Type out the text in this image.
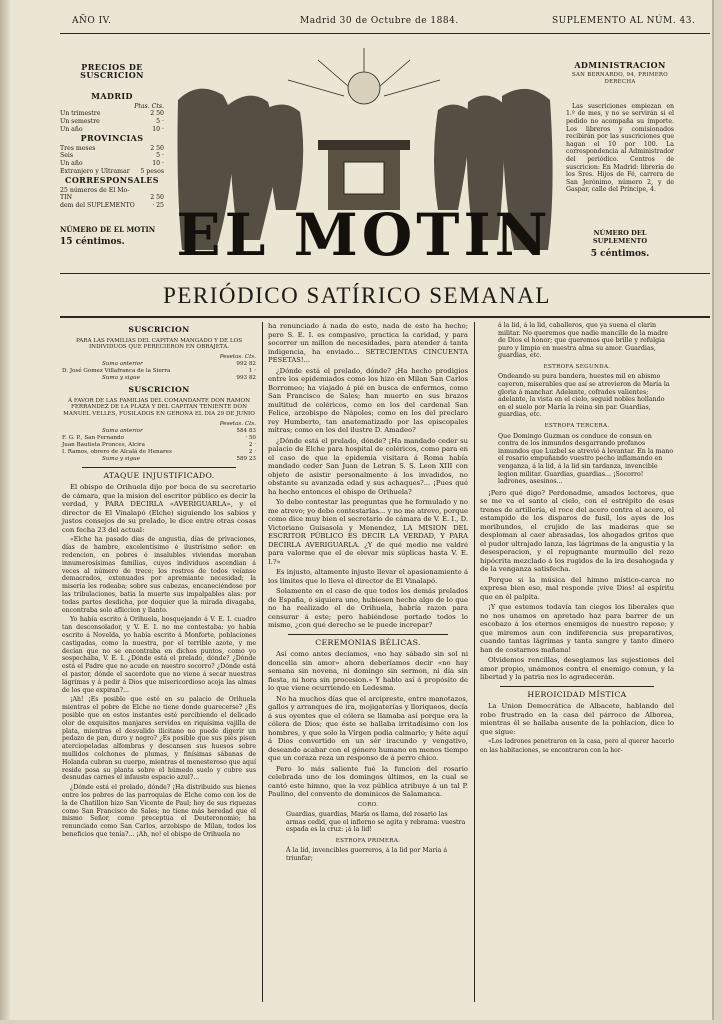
AÑO IV.	Madrid 30 de Octubre de 1884.	SUPLEMENTO AL NÚM. 43.
PRECIOS DE SUSCRICION
MADRID
Ptas. Cts.
Un trimestre	2 50
Un semestre	5 ·
Un año	10 ·
PROVINCIAS
Tres meses	2 50
Seis	5 ·
Un año	10 ·
Extranjero y Ultramar 5 pesos
CORRESPONSALES
25 números de El Mo-
TIN	2 50
dem del SUPLEMENTO	· 25
NÚMERO DE EL MOTIN
15 céntimos. EL MOTIN
ADMINISTRACION
SAN BERNARDO, 94, PRIMERO DERECHA
Las suscriciones empiezan en 1.º de mes, y no se servirán si el pedido no acompaña su importe. Los libreros y comisionados recibirán por las suscriciones que hagan el 10 por 100. La correspondencia al Administrador del periódico. Centros de suscricion: En Madrid: librería de los Sres. Hijos de Fé, carrera de San Jerónimo, número 2, y de Gaspar, calle del Príncipe, 4.
NÚMERO DEL SUPLEMENTO
5 céntimos.
PERIÓDICO SATÍRICO SEMANAL
SUSCRICION
PARA LAS FAMILIAS DEL CAPITAN MANGADO Y DE LOS INDIVIDUOS QUE PERECIERON EN OBRAJETA.
Pesetas. Cts.
Suma anterior	992 82
D. José Gomez Villafranca de la Sierra	1 ·
Suma y sigue	993 82
SUSCRICION
Á FAVOR DE LAS FAMILIAS DEL COMANDANTE DON RAMON FERRANDEZ DE LA PLAZA Y DEL CAPITAN TENIENTE DON MANUEL VELLES, FUSILADOS EN GERONA EL DIA 29 DE JUNIO
Pesetas. Cts.
Suma anterior	584 83
F. G. P., San Fernando	· 50
Juan Bautista Pronces, Alcira	2 ·
I. Ramos, obrero de Alcalá de Henares	2 ·
Suma y sigue	589 23
ATAQUE INJUSTIFICADO.

El obispo de Orihuela dijo por boca de su secretario de cámara, que la mision del escritor público es decir la verdad, y PARA DECIRLA «AVERIGUARLA», y el director de El Vinalapó (Elche) siguiendo los sabios y justos consejos de su prelado, le dice entre otras cosas con fecha 23 del actual:

«Elche ha pasado días de angustia, días de privaciones, días de hambre, excelentísimo é ilustrísimo señor: en redencion, en pobres é insalubles viviendas moraban innumerosísimas familias, cuyos individuos ascendian á veces al número de trece; los rostros de todos veíanse demacrados, extenuados por apremiante necesidad; la miseria les rodeaba; sobre sus cabezas, encaneciéndose por las tribulaciones, batia la muerte sus impalpables alas: por todas partes desdicha, por doquier que la mirada divagaba, encontraba solo afliccion y llanto.

Yo había escrito á Orihuela, bosquejando á V. E. I. cuadro tan desconsolador, y V. E. I. no me contestaba: yo había escrito á Novelda, yo había escrito á Monforte, poblaciones castigadas, como la nuestra, por el terrible azote, y me decían que no se encontraba en dichos puntos, como yo sospechaba, V. E. I. ¿Dónde está el prelado, dónde? ¿Dónde está el Padre que no acude en nuestro socorro? ¿Dónde está el pastor, dónde el sacerdote que no viene á secar nuestras lágrimas y á pedir á Dios que misericordioso acoja las almas de los que expiran?...

¡Ah! ¡Es posible que esté en su palacio de Orihuela mientras el pobre de Elche no tiene donde guarecerse? ¿Es posible que en estos instantes esté percibiendo el delicado olor de exquisitos manjares servidos en riquísima vajilla de plata, mientras el desvalido ilicitano no puede digerir un pedazo de pan, duro y negro? ¿Es posible que sus piés pisen aterciopeladas alfombras y descansen sus huesos sobre mullidos colchones de plumas, y finísimas sábanas de Holanda cubran su cuerpo, mientras el menesteroso que aquí reside posa su planta sobre el húmedo suelo y cubre sus desnudas carnes el infausto espacio azul?...

¿Dónde está el prelado, dónde? ¡Ha distribuido sus bienes entre los pobres de las parroquias de Elche como con los de la de Chatillon hizo San Vicente de Paul; hoy de sus riquezas como San Francisco de Sales; no tiene más heredad que el mismo Señor, como preceptúa el Deuteronomio; ha renunciado como San Carlos, arzobispo de Milan, todos los beneficios que tenía?... ¡Ah, no! el obispo de Orihuela no

ha renunciado á nada de esto, nada de esto ha hecho; pero S. E. I. es compasivo, practica la caridad, y para socorrer un millon de necesidades, para atender á tanta indigencia, ha enviado... SETECIENTAS CINCUENTA PESETAS!...

¿Dónde está el prelado, dónde? ¡Ha hecho prodigios entre los epidemiados como los hizo en Milan San Carlos Borromeo; ha viajado á pié en busca de enfermos, como San Francisco de Sales; han muerto en sus brazos multitud de coléricos, como en los del cardenal San Felice, arzobispo de Nápoles; como en los del preclaro rey Humberto, tan anatematizado por las episcopales mitras; como en los del ilustre D. Amadeo?

¿Dónde está el prelado, dónde? ¡Ha mandado ceder su palacio de Elche para hospital de coléricos, como para en el caso de que la epidemia visitara á Roma había mandado ceder San Juan de Letran S. S. Leon XIII con objeto de asistir personalmente á los invadidos, no obstante su avanzada edad y sus achaques?... ¡Pues qué ha hecho entonces el obispo de Orihuela?

Yo debo contestar las preguntas que he formulado y no me atrevo; yo debo contestarlas... y no me atrevo, porque como dice muy bien el secretario de cámara de V. E. I., D. Victoriano Guisasola y Menendez, LA MISION DEL ESCRITOR PÚBLICO ES DECIR LA VERDAD, Y PARA DECIRLA AVERIGUARLA. ¿Y de qué medio me valdré para valorme que el de elevar mis súplicas hasta V. E. I.?»

Es injusto, altamente injusto llevar el apasionamiento á los límites que lo lleva el director de El Vinalapó.

Solamente en el caso de que todos los demás prelados de España, ó siquiera uno, hubiesen hecho algo de lo que no ha realizado el de Orihuela, habría razon para censurar á este; pero habiéndose portado todos lo mismo, ¿con qué derecho se le puede increpar?

CEREMONIAS BÉLICAS.

Así como antes decíamos, «no hay sábado sin sol ni doncella sin amor» ahora deberíamos decir «no hay semana sin novena, ni domingo sin sermon, ni día sin fiesta, ni hora sin procesion.» Y hablo así á propósito de lo que viene ocurriendo en Ledesma.

No ha muchos días que el arcipreste, entre manotazos, gallos y arranques de ira, mojigaterías y lloriqueos, decía á sus oyentes que el cólera se llamaba así porque era la cólera de Dios; que éste se hallaba irritadísimo con los hombres, y que solo la Vírgen podia calmarlo; y héte aquí á Dios convertido en un sér iracundo y vengativo, deseando acabar con el género humano en menos tiempo que un coraza reza un responso de á perro chico.

Pero lo más saliente fué la funcion del rosario celebrada uno de los domingos últimos, en la cual se cantó este himno, que la voz pública atribuye á un tal P. Paulino, del convento de dominicos de Salamanca.

CORO.
Guardias, guardias, María os llama, del rosario las armas cedid, que el infierno se agita y rebrama: vuestra espada es la cruz: ¡á la lid!
ESTROFA PRIMERA.
Á la lid, invencibles guerreros, á la lid por María á triunfar;
á la lid, á la lid, caballeros, que ya suena el clarin militar. No queremos que nadie mancille de la madre de Dios el honor; que queremos que brille y refulgia puro y limpio en nuestra alma su amor. Guardias, guardias, etc.
ESTROFA SEGUNDA.
Ondeando su pura bandera, huestes mil en abismo cayeron, miserables que así se atrevieron de María la gloria á manchar. Adelante, cofrades valientes; adelante, la vista en el cielo, seguid nobles hollando en el suelo por María la reina sin par. Guardias, guardias, etc.
ESTROFA TERCERA.
Que Domingo Guzman os conduce de consun en contra de los inmundos desgarrando profanos inmundos que Luzbel se atrevió á levantar. En la mano el rosario empuñando vuestro pecho inflamando en venganza, á la lid, á la lid sin tardanza, invencible legion militar. Guardias, guardias... ¡Socorro! ladrones, asesinos...

¡Pero qué digo? Perdonadme, amados lectores, que se me va el santo al cielo, con el estrépito de esas trenes de artillería, el roce del acero contra el acero, el estampido de los disparos de fusil, los ayes de los moribundos, el crujido de las maderas que se desploman al caer abrasadas, los ahogados gritos que el pudor ultrajado lanza, las lágrimas de la angustia y la desesperacion, y el repugnante murmullo del rezo hipócrita mezclado á los rugidos de la ira desahogada y de la venganza satisfecha.

Porque si la música del himno místico-carca no expresa bien eso, mal responde ¡vive Dios! al espíritu que en él palpita.

¡Y que estemos todavía tan ciegos los liberales que no nos unamos en apretado haz para barrer de un escobazo á los eternos enemigos de nuestro reposo; y que miremos aun con indiferencia sus preparativos, cuando tantas lágrimas y tanta sangre y tanto dinero han de costarnos mañana!

Olvidemos rencillas, desegiamos las sujestiones del amor propio, unámonos contra el enemigo comun, y la libertad y la patria nos lo agradecerán.

HEROICIDAD MÍSTICA

La Union Democrática de Albacete, hablando del robo frustrado en la casa del párroco de Alborea, mientras él se hallaba ausente de la poblacion, dice lo que sigue:

«Los ladrones penetraron en la casa, pero al querer hacerlo en las habitaciones, se encontraron con la hor-
